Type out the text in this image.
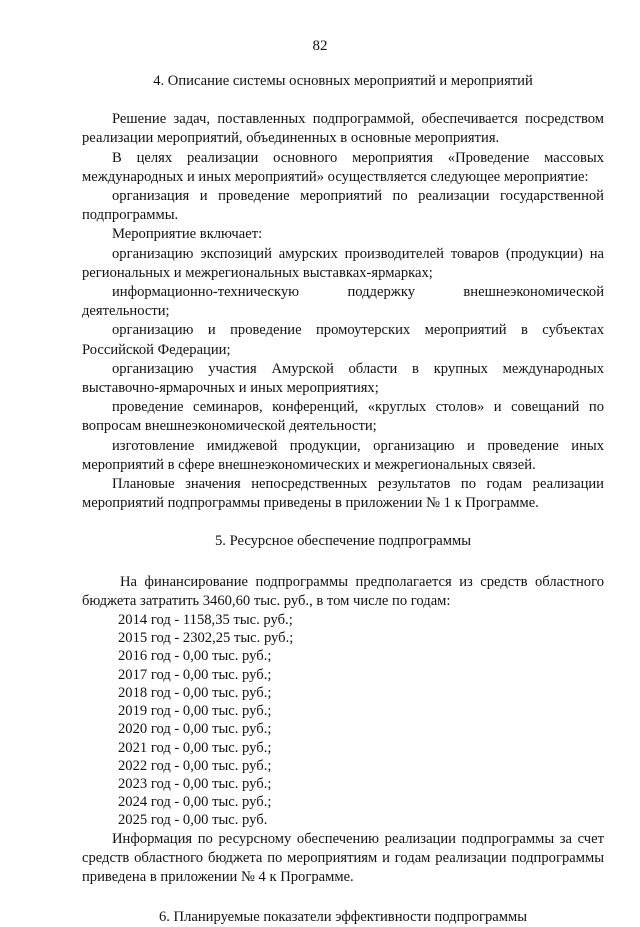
82

4. Описание системы основных мероприятий и мероприятий

Решение задач, поставленных подпрограммой, обеспечивается посредством реализации мероприятий, объединенных в основные мероприятия.

В целях реализации основного мероприятия «Проведение массовых международных и иных мероприятий» осуществляется следующее мероприятие:

организация и проведение мероприятий по реализации государственной подпрограммы.

Мероприятие включает:

организацию экспозиций амурских производителей товаров (продукции) на региональных и межрегиональных выставках-ярмарках;

информационно-техническую поддержку внешнеэкономической деятельности;

организацию и проведение промоутерских мероприятий в субъектах Российской Федерации;

организацию участия Амурской области в крупных международных выставочно-ярмарочных и иных мероприятиях;

проведение семинаров, конференций, «круглых столов» и совещаний по вопросам внешнеэкономической деятельности;

изготовление имиджевой продукции, организацию и проведение иных мероприятий в сфере внешнеэкономических и межрегиональных связей.

Плановые значения непосредственных результатов по годам реализации мероприятий подпрограммы приведены в приложении № 1 к Программе.

5. Ресурсное обеспечение подпрограммы

На финансирование подпрограммы предполагается из средств областного бюджета затратить 3460,60 тыс. руб., в том числе по годам:

2014 год - 1158,35 тыс. руб.;
2015 год - 2302,25 тыс. руб.;
2016 год - 0,00 тыс. руб.;
2017 год - 0,00 тыс. руб.;
2018 год - 0,00 тыс. руб.;
2019 год - 0,00 тыс. руб.;
2020 год - 0,00 тыс. руб.;
2021 год - 0,00 тыс. руб.;
2022 год - 0,00 тыс. руб.;
2023 год - 0,00 тыс. руб.;
2024 год - 0,00 тыс. руб.;
2025 год - 0,00 тыс. руб.

Информация по ресурсному обеспечению реализации подпрограммы за счет средств областного бюджета по мероприятиям и годам реализации подпрограммы приведена в приложении № 4 к Программе.

6. Планируемые показатели эффективности подпрограммы
